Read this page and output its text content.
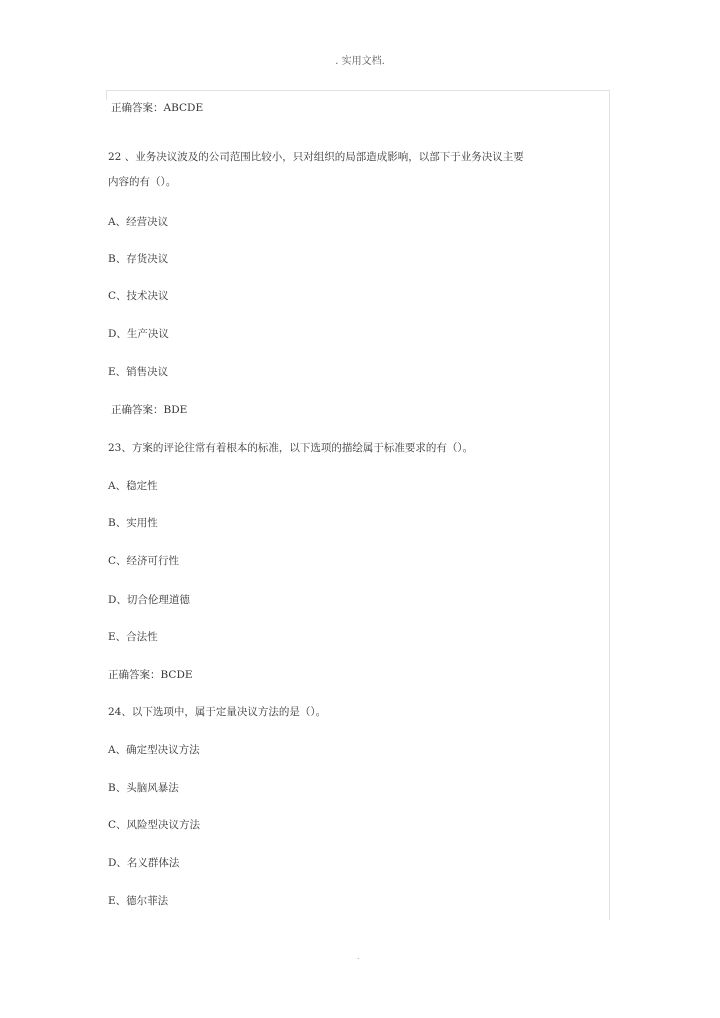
. 实用文档.
正确答案：ABCDE
22 、业务决议波及的公司范围比较小，只对组织的局部造成影响，以部下于业务决议主要
内容的有（）。
A、经营决议
B、存货决议
C、技术决议
D、生产决议
E、销售决议
正确答案：BDE
23、方案的评论往常有着根本的标准，以下选项的描绘属于标准要求的有（）。
A、稳定性
B、实用性
C、经济可行性
D、切合伦理道德
E、合法性
正确答案：BCDE
24、以下选项中，属于定量决议方法的是（）。
A、确定型决议方法
B、头脑风暴法
C、风险型决议方法
D、名义群体法
E、德尔菲法
.
